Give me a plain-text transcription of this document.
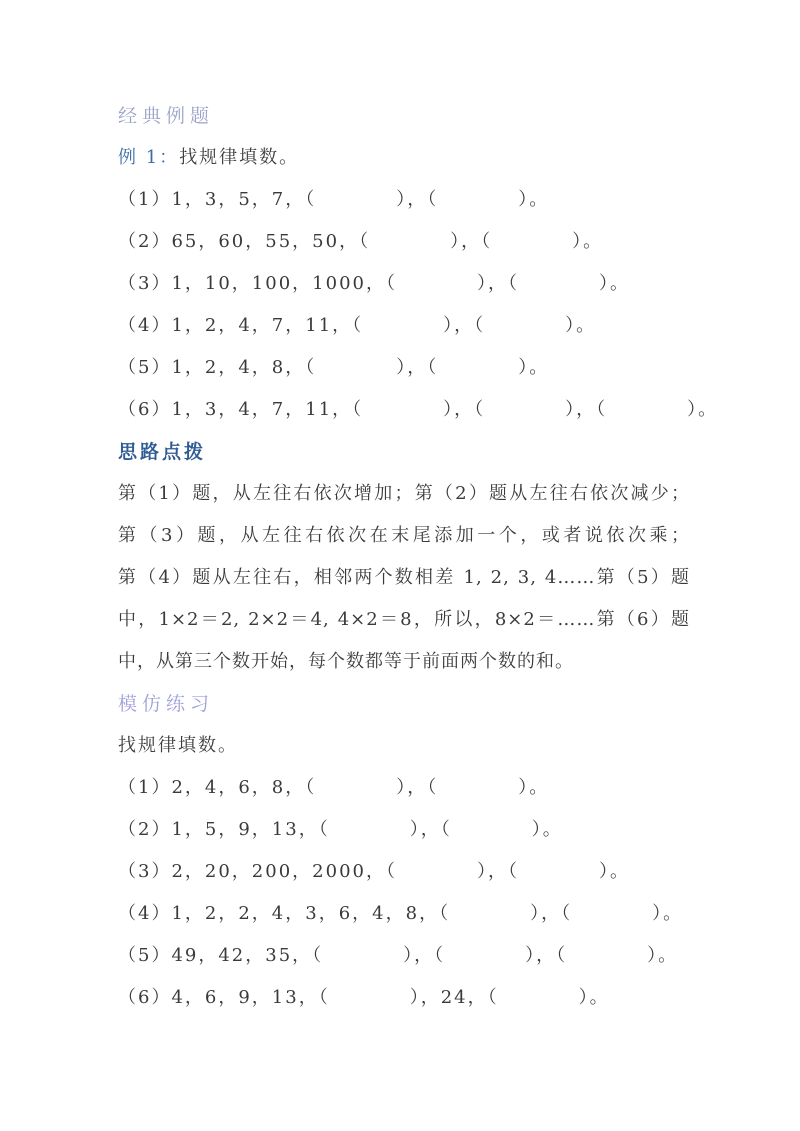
经典例题
例 1：找规律填数。
（1）1，3，5，7，（　　　　），（　　　　）。
（2）65，60，55，50，（　　　　），（　　　　）。
（3）1，10，100，1000，（　　　　），（　　　　）。
（4）1，2，4，7，11，（　　　　），（　　　　）。
（5）1，2，4，8，（　　　　），（　　　　）。
（6）1，3，4，7，11，（　　　　），（　　　　），（　　　　）。
思路点拨
第（1）题，从左往右依次增加；第（2）题从左往右依次减少；
第（3）题，从左往右依次在末尾添加一个，或者说依次乘；
第（4）题从左往右，相邻两个数相差 1, 2, 3, 4……第（5）题
中，1×2＝2, 2×2＝4, 4×2＝8，所以，8×2＝……第（6）题
中，从第三个数开始，每个数都等于前面两个数的和。
模仿练习
找规律填数。
（1）2，4，6，8，（　　　　），（　　　　）。
（2）1，5，9，13，（　　　　），（　　　　）。
（3）2，20，200，2000，（　　　　），（　　　　）。
（4）1，2，2，4，3，6，4，8，（　　　　），（　　　　）。
（5）49，42，35，（　　　　），（　　　　），（　　　　）。
（6）4，6，9，13，（　　　　），24，（　　　　）。
